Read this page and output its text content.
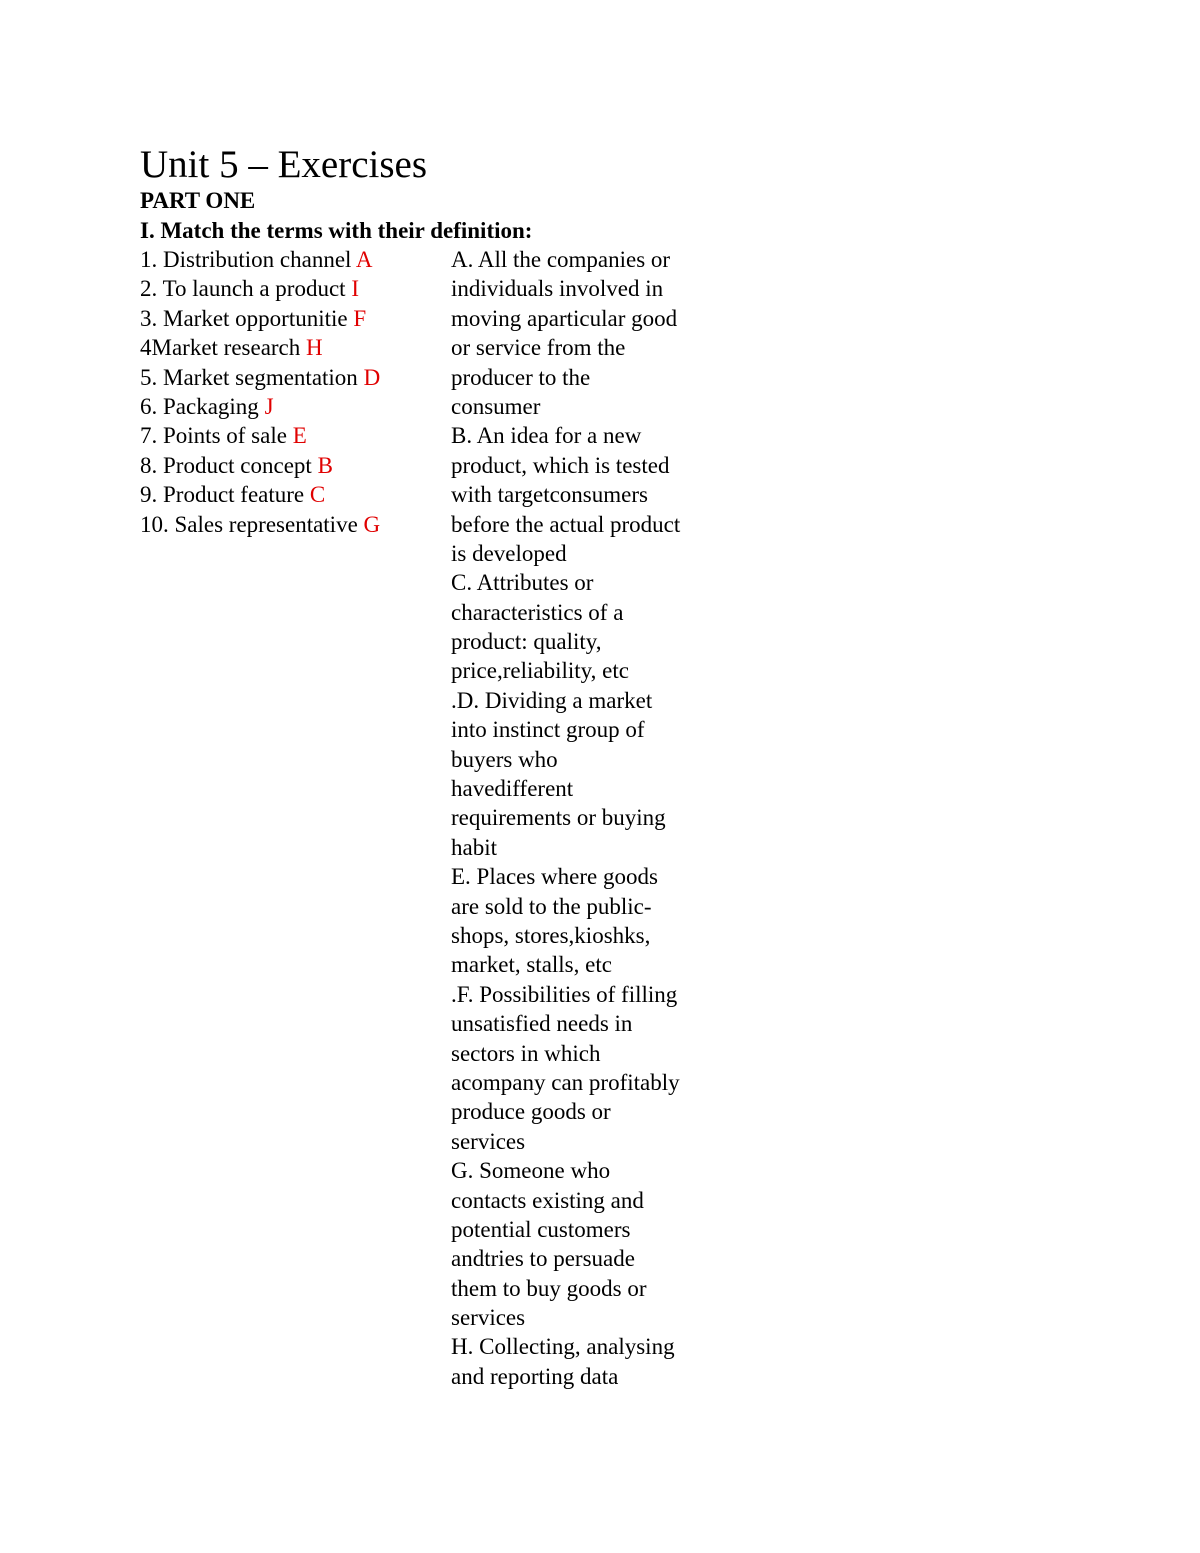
Unit 5 – Exercises
PART ONE
I. Match the terms with their definition:
1. Distribution channel A
2. To launch a product I
3. Market opportunitie F
4Market research H
5. Market segmentation D
6. Packaging J
7. Points of sale E
8. Product concept B
9. Product feature C
10. Sales representative G
A. All the companies or
individuals involved in
moving aparticular good
or service from the
producer to the
consumer
B. An idea for a new
product, which is tested
with targetconsumers
before the actual product
is developed
C. Attributes or
characteristics of a
product: quality,
price,reliability, etc
.D. Dividing a market
into instinct group of
buyers who
havedifferent
requirements or buying
habit
E. Places where goods
are sold to the public-
shops, stores,kioshks,
market, stalls, etc
.F. Possibilities of filling
unsatisfied needs in
sectors in which
acompany can profitably
produce goods or
services
G. Someone who
contacts existing and
potential customers
andtries to persuade
them to buy goods or
services
H. Collecting, analysing
and reporting data
